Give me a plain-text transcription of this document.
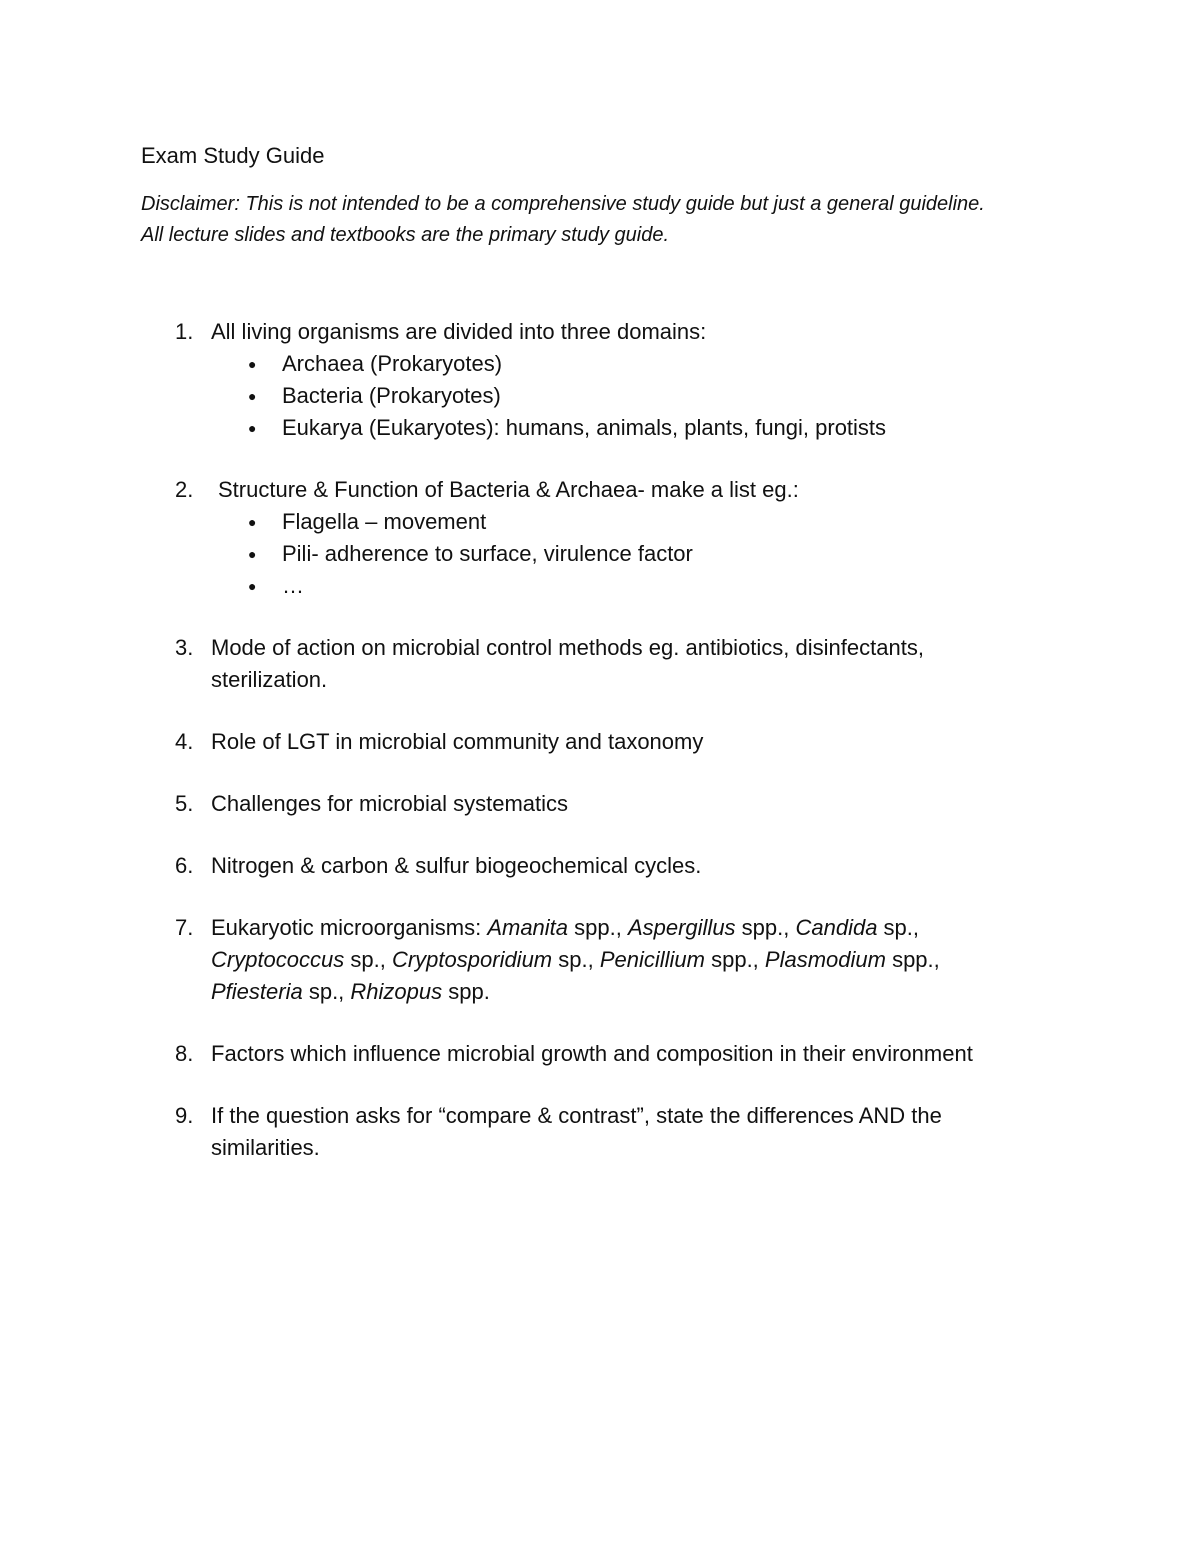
Exam Study Guide
Disclaimer: This is not intended to be a comprehensive study guide but just a general guideline.
All lecture slides and textbooks are the primary study guide.
1. All living organisms are divided into three domains:
● Archaea (Prokaryotes)
● Bacteria (Prokaryotes)
● Eukarya (Eukaryotes): humans, animals, plants, fungi, protists
2.	Structure & Function of Bacteria & Archaea- make a list eg.:
● Flagella – movement
● Pili- adherence to surface, virulence factor
● …
3. Mode of action on microbial control methods eg. antibiotics, disinfectants,
sterilization.
4. Role of LGT in microbial community and taxonomy
5. Challenges for microbial systematics
6. Nitrogen & carbon & sulfur biogeochemical cycles.
7. Eukaryotic microorganisms: Amanita spp., Aspergillus spp., Candida sp.,
Cryptococcus sp., Cryptosporidium sp., Penicillium spp., Plasmodium spp.,
Pfiesteria sp., Rhizopus spp.
8. Factors which influence microbial growth and composition in their environment
9. If the question asks for “compare & contrast”, state the differences AND the
similarities.
